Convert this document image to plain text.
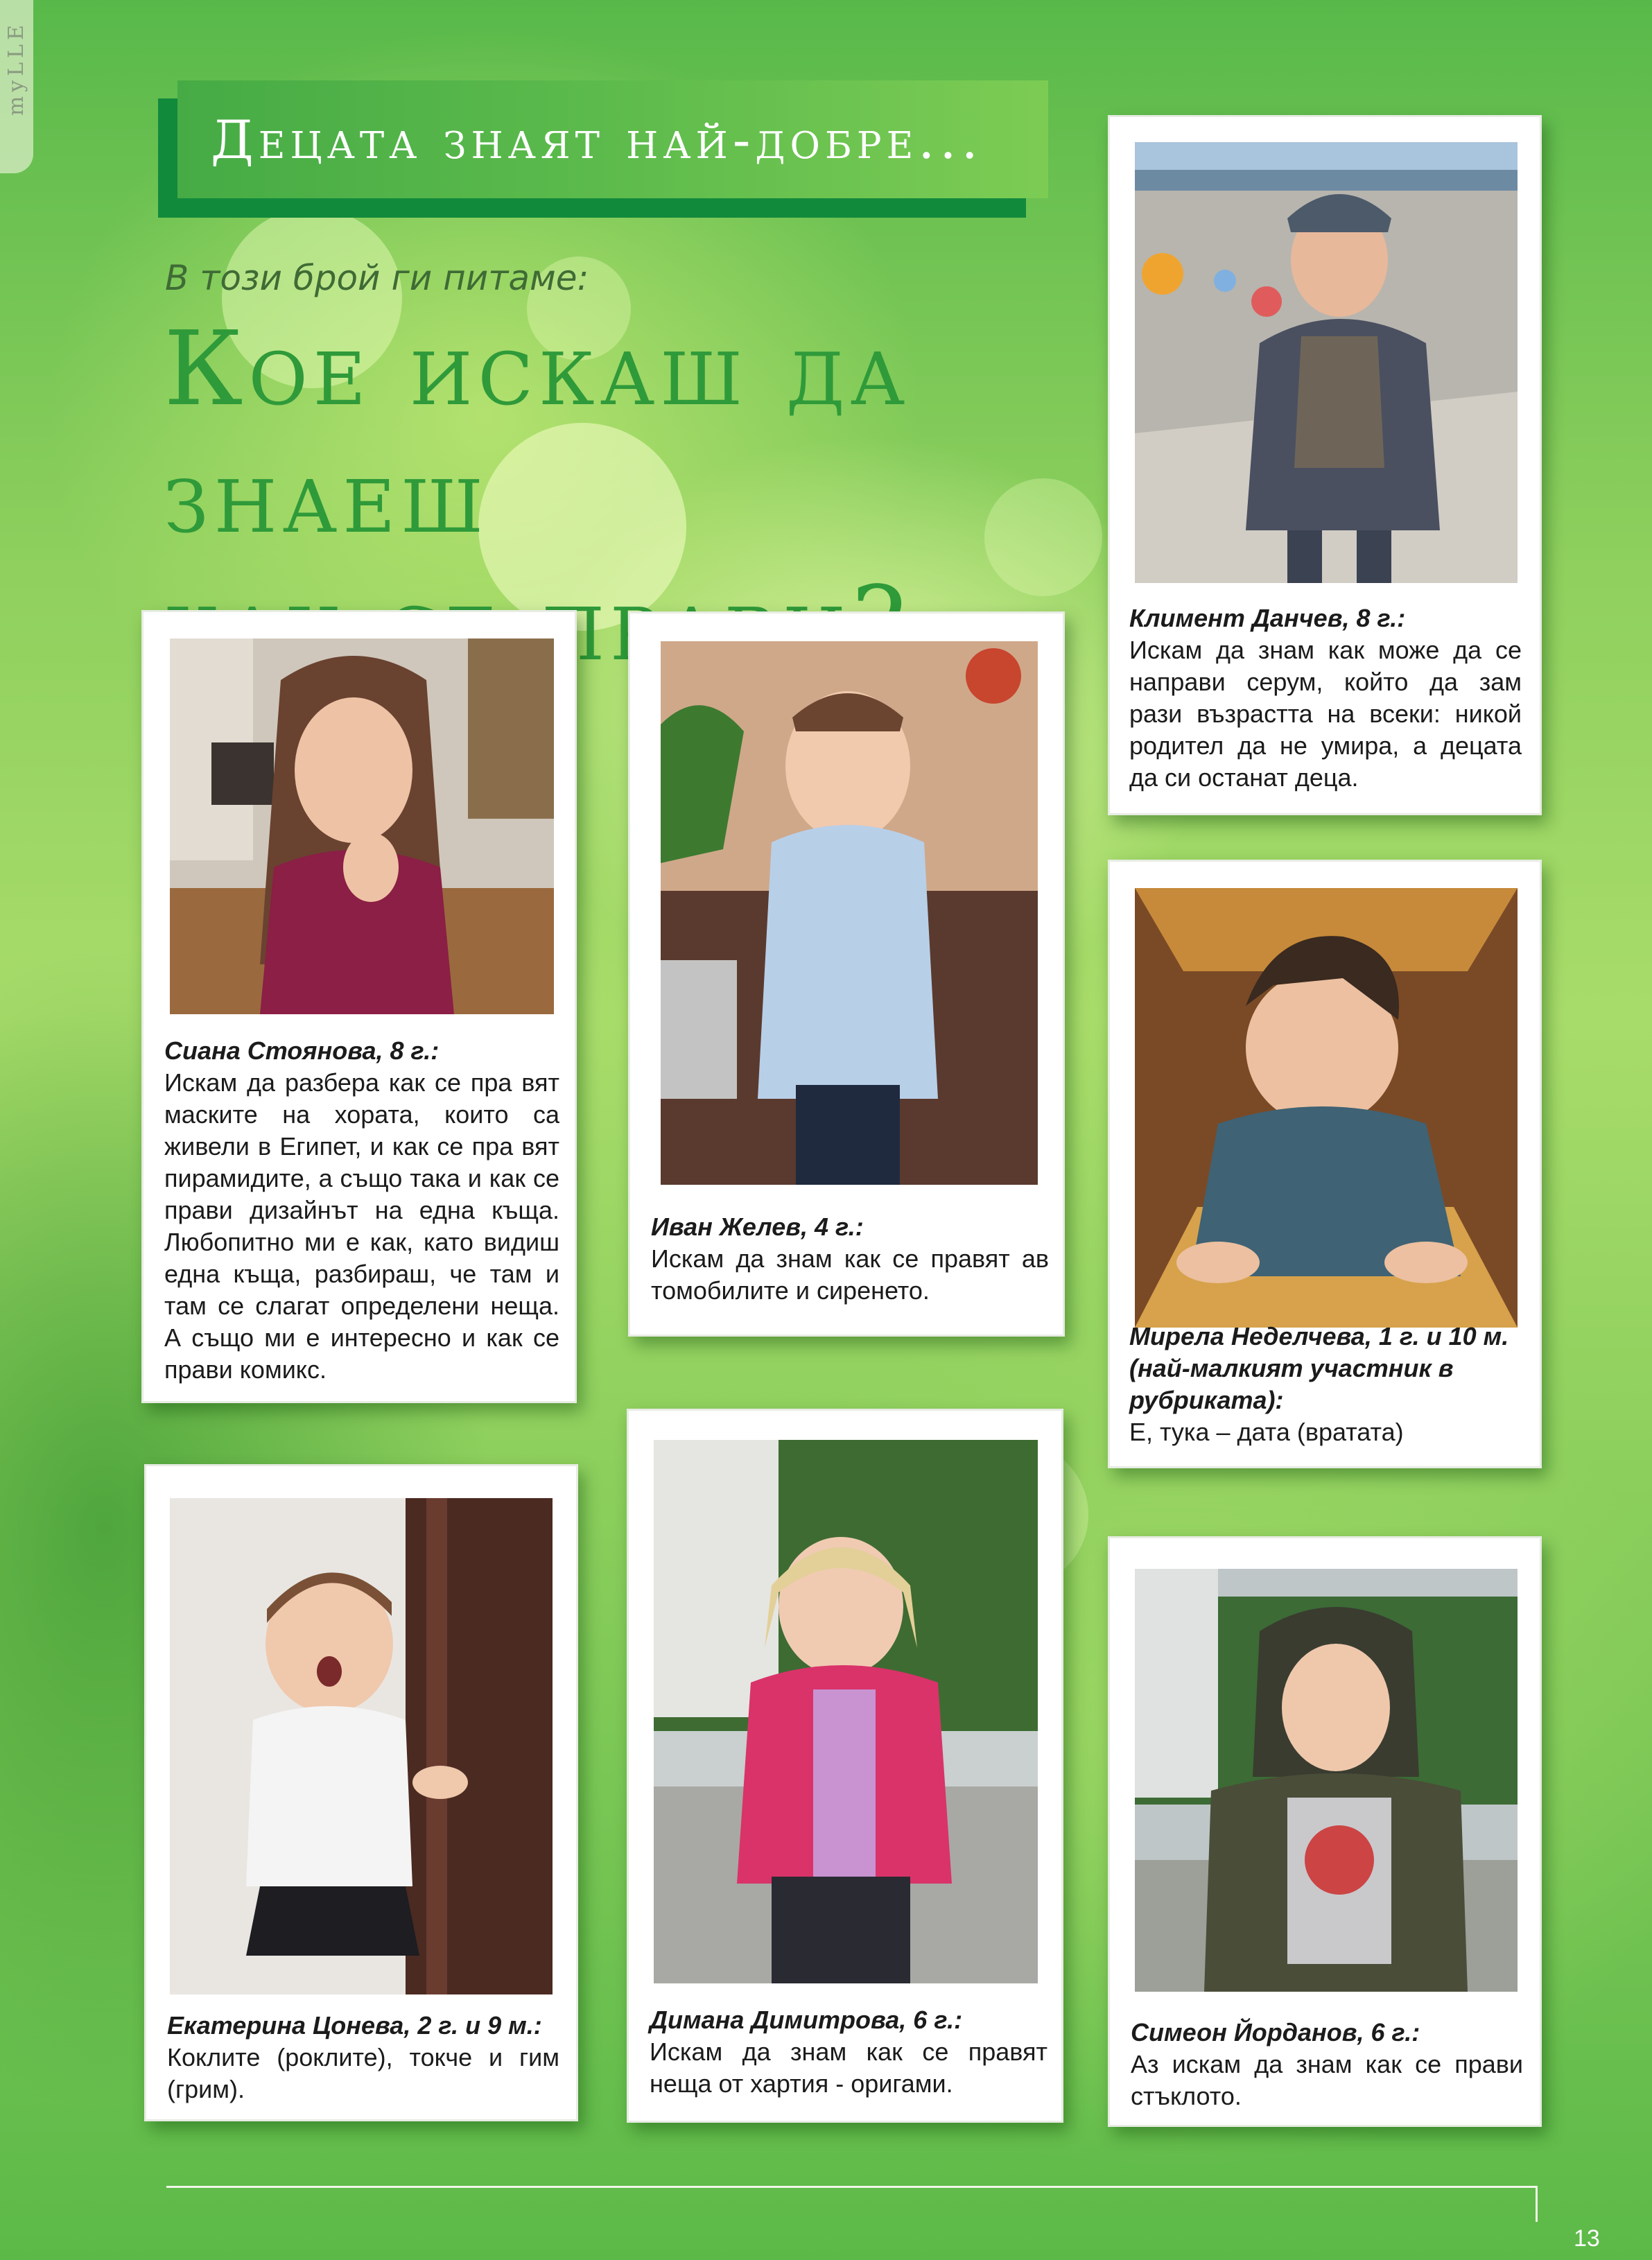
myLLE
Децата знаят най-добре...
В този брой ги питаме:
Кое искаш да знаеш
Климент Данчев, 8 г.:
Искам да знам как може да се направи серум, който да зам рази възрастта на всеки: никой родител да не умира, а децата да си останат деца.
Сиана Стоянова, 8 г.:
Искам да разбера как се пра вят маските на хората, които са живели в Египет, и как се пра вят пирамидите, а също така и как се прави дизайнът на една къща. Любопитно ми е как, като видиш една къща, разбираш, че там и там се слагат определени неща. А също ми е интересно и как се прави комикс.
Иван Желев, 4 г.:
Искам да знам как се правят ав томобилите и сиренето.
Мирела Неделчева, 1 г. и 10 м.
(най-малкият участник в
рубриката):
Е, тука – дата (вратата)
Екатерина Цонева, 2 г. и 9 м.:
Коклите (роклите), токче и гим (грим).
Димана Димитрова, 6 г.:
Искам да знам как се правят неща от хартия - оригами.
Симеон Йорданов, 6 г.:
Аз искам да знам как се прави стъклото.
13
